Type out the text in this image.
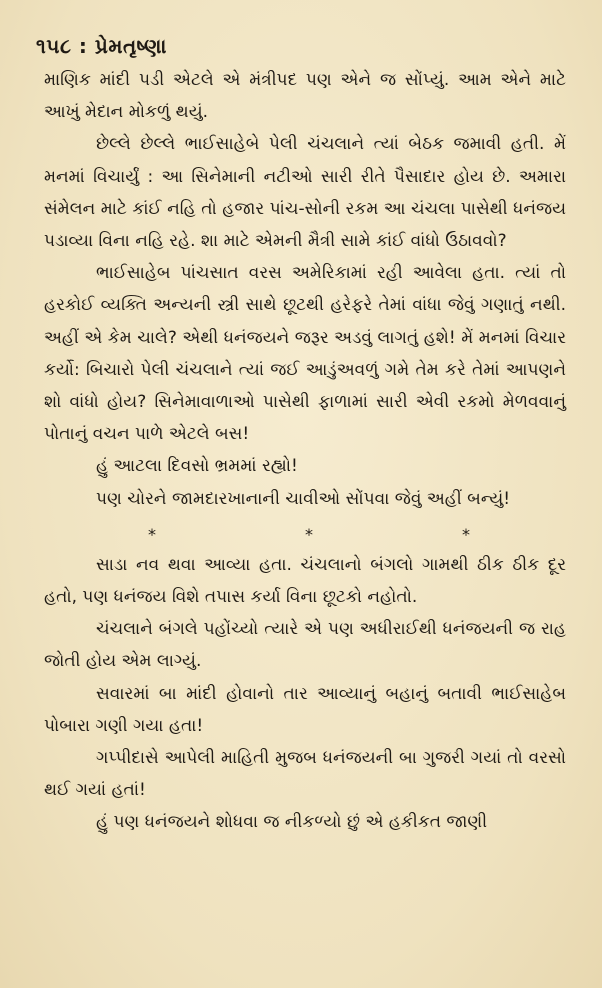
૧૫૮ : પ્રેમતૃષ્ણા

માણિક માંદી પડી એટલે એ મંત્રીપદ પણ એને જ સોંપ્યું. આમ એને માટે આખું મેદાન મોકળું થયું.

છેલ્લે છેલ્લે ભાઈસાહેબે પેલી ચંચલાને ત્યાં બેઠક જમાવી હતી. મેં મનમાં વિચાર્યું : આ સિનેમાની નટીઓ સારી રીતે પૈસાદાર હોય છે. અમારા સંમેલન માટે કાંઈ નહિ તો હજાર પાંચ-સોની રકમ આ ચંચલા પાસેથી ધનંજય પડાવ્યા વિના નહિ રહે. શા માટે એમની મૈત્રી સામે કાંઈ વાંધો ઉઠાવવો?

ભાઈસાહેબ પાંચસાત વરસ અમેરિકામાં રહી આવેલા હતા. ત્યાં તો હરકોઈ વ્યક્તિ અન્યની સ્ત્રી સાથે છૂટથી હરેફરે તેમાં વાંધા જેવું ગણાતું નથી. અહીં એ કેમ ચાલે? એથી ધનંજયને જરૂર અડવું લાગતું હશે! મેં મનમાં વિચાર કર્યો: બિચારો પેલી ચંચલાને ત્યાં જઈ આડુંઅવળું ગમે તેમ કરે તેમાં આપણને શો વાંધો હોય? સિનેમાવાળાઓ પાસેથી ફાળામાં સારી એવી રકમો મેળવવાનું પોતાનું વચન પાળે એટલે બસ!

હું આટલા દિવસો ભ્રમમાં રહ્યો!

પણ ચોરને જામદારખાનાની ચાવીઓ સોંપવા જેવું અહીં બન્યું!

*	*	*

સાડા નવ થવા આવ્યા હતા. ચંચલાનો બંગલો ગામથી ઠીક ઠીક દૂર હતો, પણ ધનંજય વિશે તપાસ કર્યા વિના છૂટકો નહોતો.

ચંચલાને બંગલે પહોંચ્યો ત્યારે એ પણ અધીરાઈથી ધનંજયની જ રાહ જોતી હોય એમ લાગ્યું.

સવારમાં બા માંદી હોવાનો તાર આવ્યાનું બહાનું બતાવી ભાઈસાહેબ પોબારા ગણી ગયા હતા!

ગપ્પીદાસે આપેલી માહિતી મુજબ ધનંજયની બા ગુજરી ગયાં તો વરસો થઈ ગયાં હતાં!

હું પણ ધનંજયને શોધવા જ નીકળ્યો છું એ હકીકત જાણી
